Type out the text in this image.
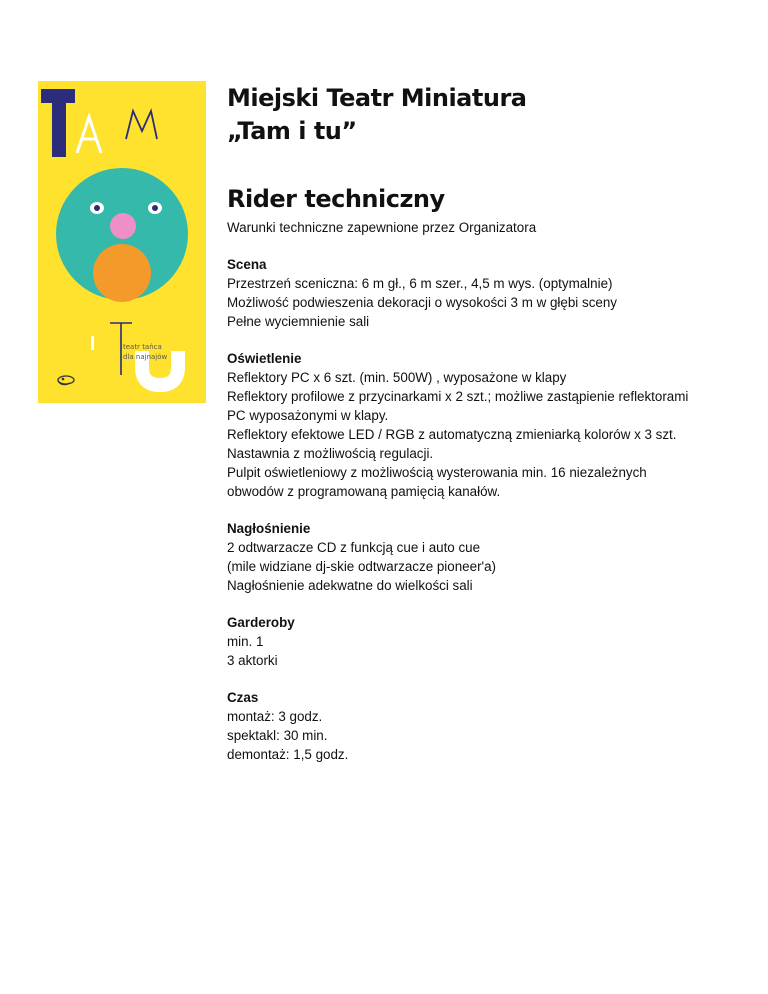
teatr tańca
dla najnajów
Miejski Teatr Miniatura
„Tam i tu”
Rider techniczny

Warunki techniczne zapewnione przez Organizatora

Scena

Przestrzeń sceniczna: 6 m gł., 6 m szer., 4,5 m wys. (optymalnie)

Możliwość podwieszenia dekoracji o wysokości 3 m w głębi sceny

Pełne wyciemnienie sali

Oświetlenie

Reflektory PC x 6 szt. (min. 500W) , wyposażone w klapy

Reflektory profilowe z przycinarkami x 2 szt.; możliwe zastąpienie reflektorami

PC wyposażonymi w klapy.

Reflektory efektowe LED / RGB z automatyczną zmieniarką kolorów x 3 szt.

Nastawnia z możliwością regulacji.

Pulpit oświetleniowy z możliwością wysterowania min. 16 niezależnych

obwodów z programowaną pamięcią kanałów.

Nagłośnienie

2 odtwarzacze CD z funkcją cue i auto cue

(mile widziane dj-skie odtwarzacze pioneer'a)

Nagłośnienie adekwatne do wielkości sali

Garderoby

min. 1

3 aktorki

Czas

montaż: 3 godz.

spektakl: 30 min.

demontaż: 1,5 godz.
